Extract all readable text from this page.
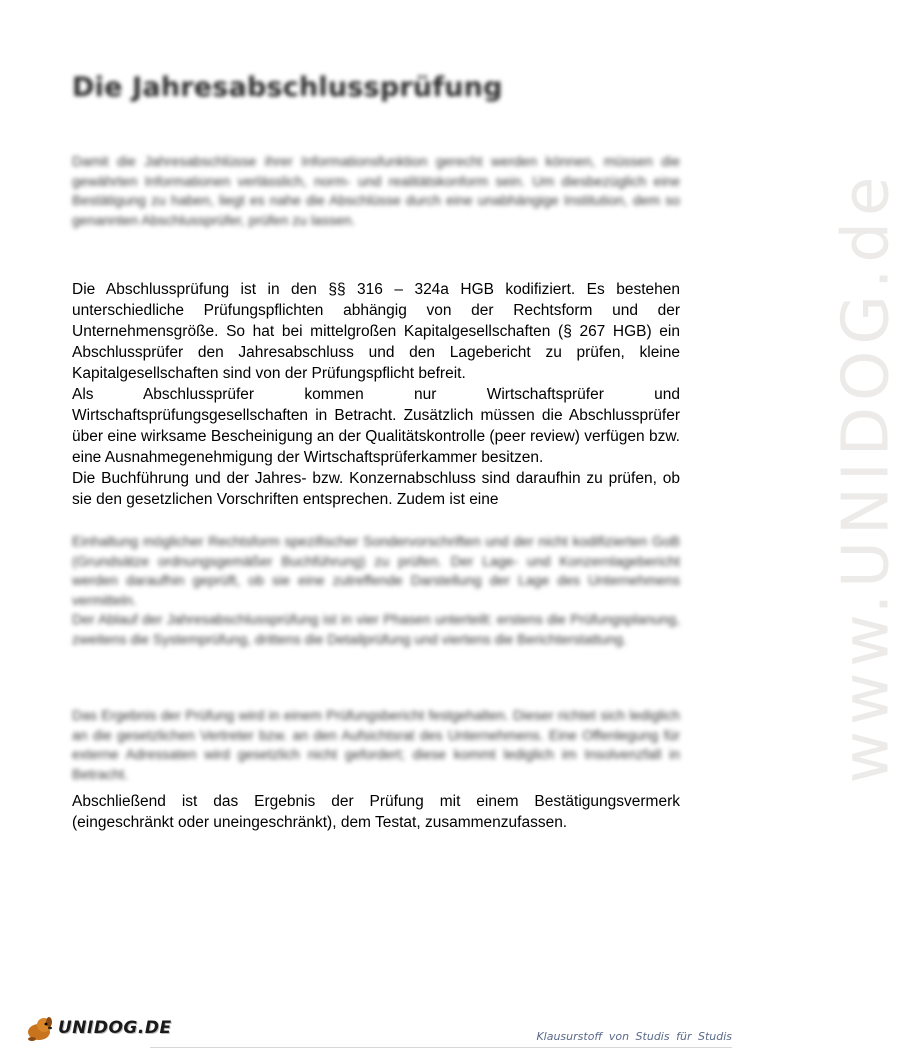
www.UNIDOG.de
Die Jahresabschlussprüfung

Damit die Jahresabschlüsse ihrer Informationsfunktion gerecht werden können, müssen die gewährten Informationen verlässlich, norm- und realitätskonform sein. Um diesbezüglich eine Bestätigung zu haben, liegt es nahe die Abschlüsse durch eine unabhängige Institution, dem so genannten Abschlussprüfer, prüfen zu lassen.

Die Abschlussprüfung ist in den §§ 316 – 324a HGB kodifiziert. Es bestehen unterschiedliche Prüfungspflichten abhängig von der Rechtsform und der Unternehmensgröße. So hat bei mittelgroßen Kapitalgesellschaften (§ 267 HGB) ein Abschlussprüfer den Jahresabschluss und den Lagebericht zu prüfen, kleine Kapitalgesellschaften sind von der Prüfungspflicht befreit.
Als Abschlussprüfer kommen nur Wirtschaftsprüfer und Wirtschaftsprüfungsgesellschaften in Betracht. Zusätzlich müssen die Abschlussprüfer über eine wirksame Bescheinigung an der Qualitätskontrolle (peer review) verfügen bzw. eine Ausnahmegenehmigung der Wirtschaftsprüferkammer besitzen.
Die Buchführung und der Jahres- bzw. Konzernabschluss sind daraufhin zu prüfen, ob sie den gesetzlichen Vorschriften entsprechen. Zudem ist eine

Einhaltung möglicher Rechtsform spezifischer Sondervorschriften und der nicht kodifizierten GoB (Grundsätze ordnungsgemäßer Buchführung) zu prüfen. Der Lage- und Konzernlagebericht werden daraufhin geprüft, ob sie eine zutreffende Darstellung der Lage des Unternehmens vermitteln.
Der Ablauf der Jahresabschlussprüfung ist in vier Phasen unterteilt: erstens die Prüfungsplanung, zweitens die Systemprüfung, drittens die Detailprüfung und viertens die Berichterstattung.

Das Ergebnis der Prüfung wird in einem Prüfungsbericht festgehalten. Dieser richtet sich lediglich an die gesetzlichen Vertreter bzw. an den Aufsichtsrat des Unternehmens. Eine Offenlegung für externe Adressaten wird gesetzlich nicht gefordert; diese kommt lediglich im Insolvenzfall in Betracht.

Abschließend ist das Ergebnis der Prüfung mit einem Bestätigungsvermerk (eingeschränkt oder uneingeschränkt), dem Testat, zusammenzufassen.

UNIDOG.DE	Klausurstoff von Studis für Studis
